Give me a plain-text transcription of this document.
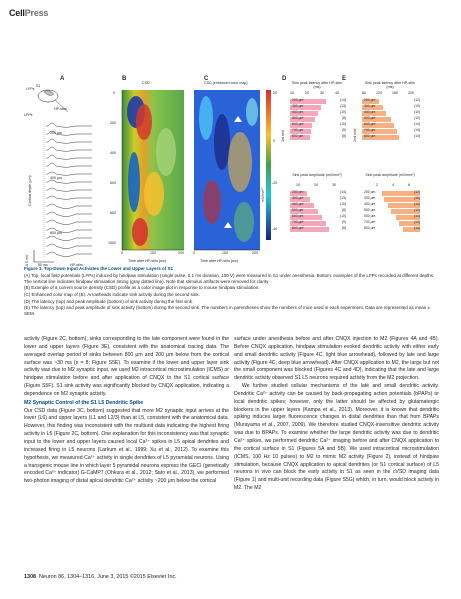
CellPress
A	B	C	D	E
LFPs
S1
HP-stim
LFPs
Cortical depth (μm)
200 μm
400 μm
800 μm
0.5 mV	50 ms	HP-stim
CSD
0
200
400
600
800
1000
0	100	200
Time after HP-stim (ms)
CSD (enhanced color map)
20
0
-20
-40
mV/mm²
0	100	200
Time after HP-stim (ms)
Sink peak latency after HP-stim (ms)
10	20	30	40
200 μm	(14)
300 μm	(13)
400 μm	(10)
500 μm	(8)
600 μm	(10)
700 μm	(9)
800 μm	(8)
1st sink
Sink peak amplitude (mV/mm²)
10	20	30
200 μm	(14)
300 μm	(13)
400 μm	(10)
500 μm	(8)
600 μm	(10)
700 μm	(9)
800 μm	(8)
Sink peak latency after HP-stim (ms)
80	120	160	200
200 μm	(12)
300 μm	(10)
400 μm	(10)
500 μm	(12)
600 μm	(14)
700 μm	(14)
800 μm	(14)
2nd sink
Sink peak amplitude (mV/mm²)
2	4	6
200 μm	(12)
300 μm	(10)
400 μm	(10)
500 μm	(12)
600 μm	(14)
700 μm	(14)
800 μm	(14)

Figure 3. Top-Down Input Activates the Lower and Upper Layers of S1

(A) Top, local field potentials (LFPs) induced by hindpaw stimulation (single pulse, 0.1 ms duration, 100 V) were measured in S1 under anesthesia. Bottom, examples of the LFPs recorded at different depths. The vertical line indicates hindpaw stimulation timing (gray dotted line). Note that stimulus artifacts were removed for clarity.

(B) Example of a current source density (CSD) profile as a color image plot in response to mouse hindpaw stimulation.

(C) Enhanced color map of (B). Arrowheads indicate sink activity during the second sink.

(D) The latency (top) and peak amplitude (bottom) of sink activity during the first sink.

(E) The latency (top) and peak amplitude of sink activity (bottom) during the second sink. The numbers in parentheses show the numbers of mice used in each experiment. Data are represented as mean ± SEM.

activity (Figure 2C, bottom), sinks corresponding to the late component were found in the lower and upper layers (Figure 3E), consistent with the anatomical tracing data. The averaged overlap period of sinks between 800 μm and 200 μm below from the cortical surface was ~30 ms (n = 8; Figure S5E). To examine if the lower and upper layer sink activity was due to M2 synaptic input, we used M2 intracortical microstimulation (ICMS) or hindpaw stimulation before and after application of CNQX to the S1 cortical surface (Figure S5F). S1 sink activity was significantly blocked by CNQX application, indicating a dependence on M2 synaptic activity.

M2 Synaptic Control of the S1 L5 Dendritic Spike

Our CSD data (Figure 3C, bottom) suggested that more M2 synaptic input arrives at the lower (L6) and upper layers (L1 and L2/3) than at L5, consistent with the anatomical data. However, this finding was inconsistent with the multiunit data indicating the highest firing activity in L5 (Figure 2C, bottom). One explanation for this inconsistency was that synaptic input to the lower and upper layers caused local Ca²⁺ spikes in L5 apical dendrites and increased firing in L5 neurons (Larkum et al., 1999; Xu et al., 2012). To examine this hypothesis, we measured Ca²⁺ activity in single dendrites of L5 pyramidal neurons. Using a transgenic mouse line in which layer 5 pyramidal neurons express the GECI (genetically encoded Ca²⁺ indicator) G-CaMP7 (Ohkura et al., 2012; Sato et al., 2013), we performed two-photon imaging of distal apical dendritic Ca²⁺ activity ~200 μm below the cortical

surface under anesthesia before and after CNQX injection to M2 (Figures 4A and 4B). Before CNQX application, hindpaw stimulation evoked dendritic activity with either early and small dendritic activity (Figure 4C, light blue arrowhead), followed by late and large activity (Figure 4C, deep blue arrowhead). After CNQX application to M2, the large but not the small component was blocked (Figures 4C and 4D), indicating that the late and large dendritic activity observed S1 L5 neurons required activity from the M2 projection.

We further studied cellular mechanisms of the late and small dendritic activity. Dendritic Ca²⁺ activity can be caused by back-propagating action potentials (bPAPs) or local dendritic spikes; however, only the latter should be affected by glutamatergic blockers in the upper layers (Kampa et al., 2013). Moreover, it is known that dendritic spiking induces larger fluorescence changes in distal dendrites than that from BPAPs (Murayama et al., 2007, 2009). We therefore studied CNQX-insensitive dendritic activity was due to BPAPs. To examine whether the large dendritic activity was due to dendritic Ca²⁺ spikes, we performed dendritic Ca²⁺ imaging before and after CNQX application to the cortical surface in S1 (Figures 5A and 5B). We used intracortical microstimulation (ICMS, 100 Hz 10 pulses) to M2 to mimic M2 activity (Figure 2), instead of hindpaw stimulation, because CNQX application to apical dendrites (or S1 cortical surface) of L5 neurons in vivo can block the early activity in S1 as seen in the cVSD imaging data (Figure 1) and multi-unit recording data (Figure S5G) which, in turn, would block activity in M2. The M2

1308 Neuron 86, 1304–1316, June 3, 2015 ©2015 Elsevier Inc.
